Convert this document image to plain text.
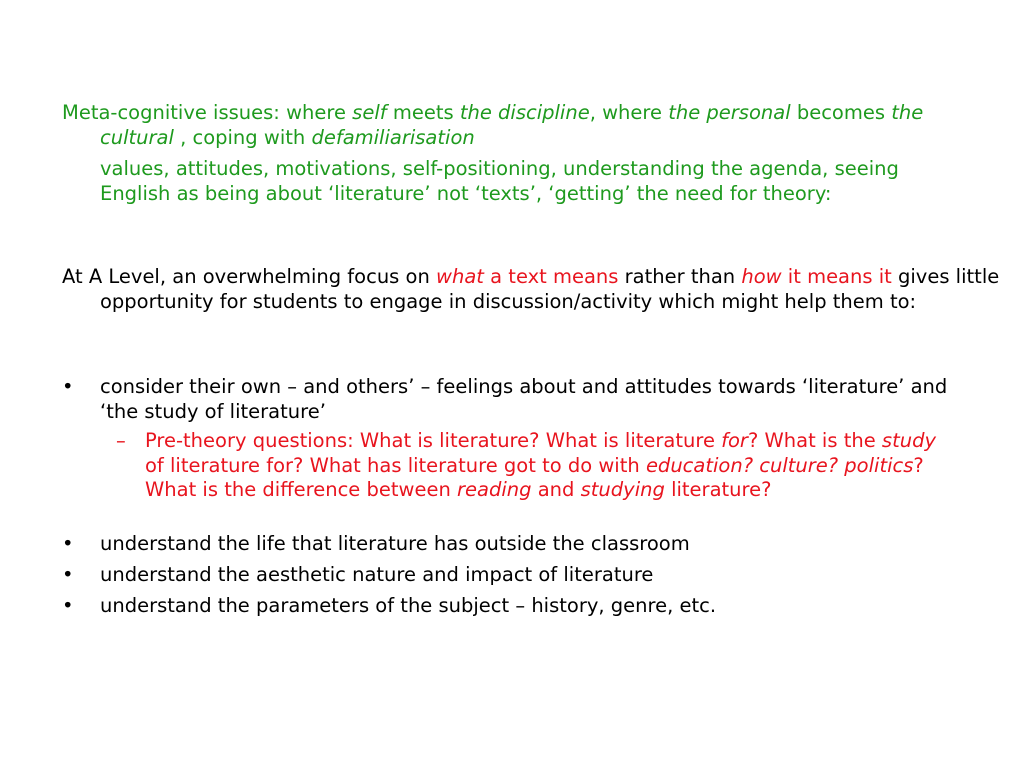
Meta-cognitive issues: where self meets the discipline, where the personal becomes the cultural , coping with defamiliarisation
values, attitudes, motivations, self-positioning, understanding the agenda, seeing English as being about ‘literature’ not ‘texts’, ‘getting’ the need for theory:
At A Level, an overwhelming focus on what a text means rather than how it means it gives little opportunity for students to engage in discussion/activity which might help them to:
•	consider their own – and others’ – feelings about and attitudes towards ‘literature’ and ‘the study of literature’
– Pre-theory questions: What is literature? What is literature for? What is the study of literature for? What has literature got to do with education? culture? politics? What is the difference between reading and studying literature?
•	understand the life that literature has outside the classroom
•	understand the aesthetic nature and impact of literature
•	understand the parameters of the subject – history, genre, etc.
